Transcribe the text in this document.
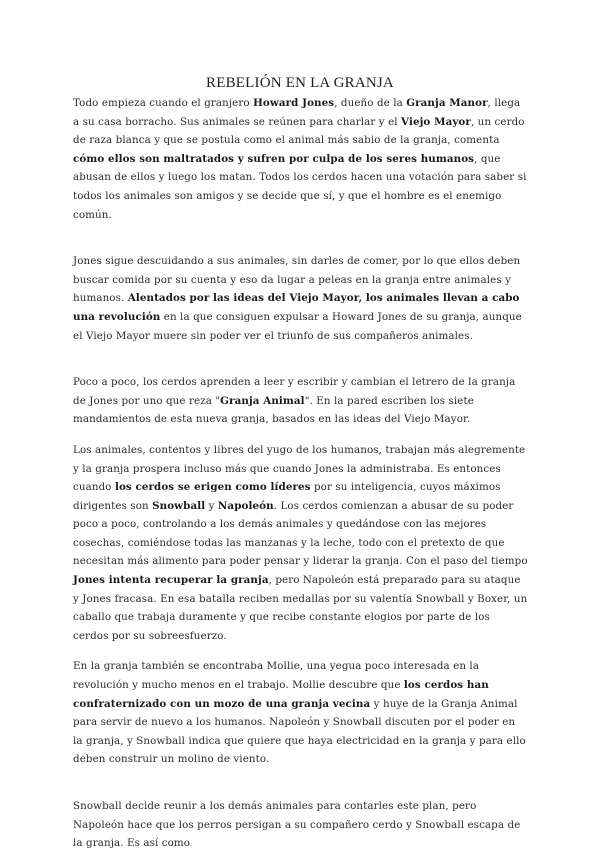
REBELIÓN EN LA GRANJA

Todo empieza cuando el granjero Howard Jones, dueño de la Granja Manor, llega a su casa borracho. Sus animales se reúnen para charlar y el Viejo Mayor, un cerdo de raza blanca y que se postula como el animal más sabio de la granja, comenta cómo ellos son maltratados y sufren por culpa de los seres humanos, que abusan de ellos y luego los matan. Todos los cerdos hacen una votación para saber si todos los animales son amigos y se decide que sí, y que el hombre es el enemigo común.

Jones sigue descuidando a sus animales, sin darles de comer, por lo que ellos deben buscar comida por su cuenta y eso da lugar a peleas en la granja entre animales y humanos. Alentados por las ideas del Viejo Mayor, los animales llevan a cabo una revolución en la que consiguen expulsar a Howard Jones de su granja, aunque el Viejo Mayor muere sin poder ver el triunfo de sus compañeros animales.

Poco a poco, los cerdos aprenden a leer y escribir y cambian el letrero de la granja de Jones por uno que reza "Granja Animal". En la pared escriben los siete mandamientos de esta nueva granja, basados en las ideas del Viejo Mayor.

Los animales, contentos y libres del yugo de los humanos, trabajan más alegremente y la granja prospera incluso más que cuando Jones la administraba. Es entonces cuando los cerdos se erigen como líderes por su inteligencia, cuyos máximos dirigentes son Snowball y Napoleón. Los cerdos comienzan a abusar de su poder poco a poco, controlando a los demás animales y quedándose con las mejores cosechas, comiéndose todas las manzanas y la leche, todo con el pretexto de que necesitan más alimento para poder pensar y liderar la granja. Con el paso del tiempo Jones intenta recuperar la granja, pero Napoleón está preparado para su ataque y Jones fracasa. En esa batalla reciben medallas por su valentía Snowball y Boxer, un caballo que trabaja duramente y que recibe constante elogios por parte de los cerdos por su sobreesfuerzo.

En la granja también se encontraba Mollie, una yegua poco interesada en la revolución y mucho menos en el trabajo. Mollie descubre que los cerdos han confraternizado con un mozo de una granja vecina y huye de la Granja Animal para servir de nuevo a los humanos. Napoleón y Snowball discuten por el poder en la granja, y Snowball indica que quiere que haya electricidad en la granja y para ello deben construir un molino de viento.

Snowball decide reunir a los demás animales para contarles este plan, pero Napoleón hace que los perros persigan a su compañero cerdo y Snowball escapa de la granja. Es así como
